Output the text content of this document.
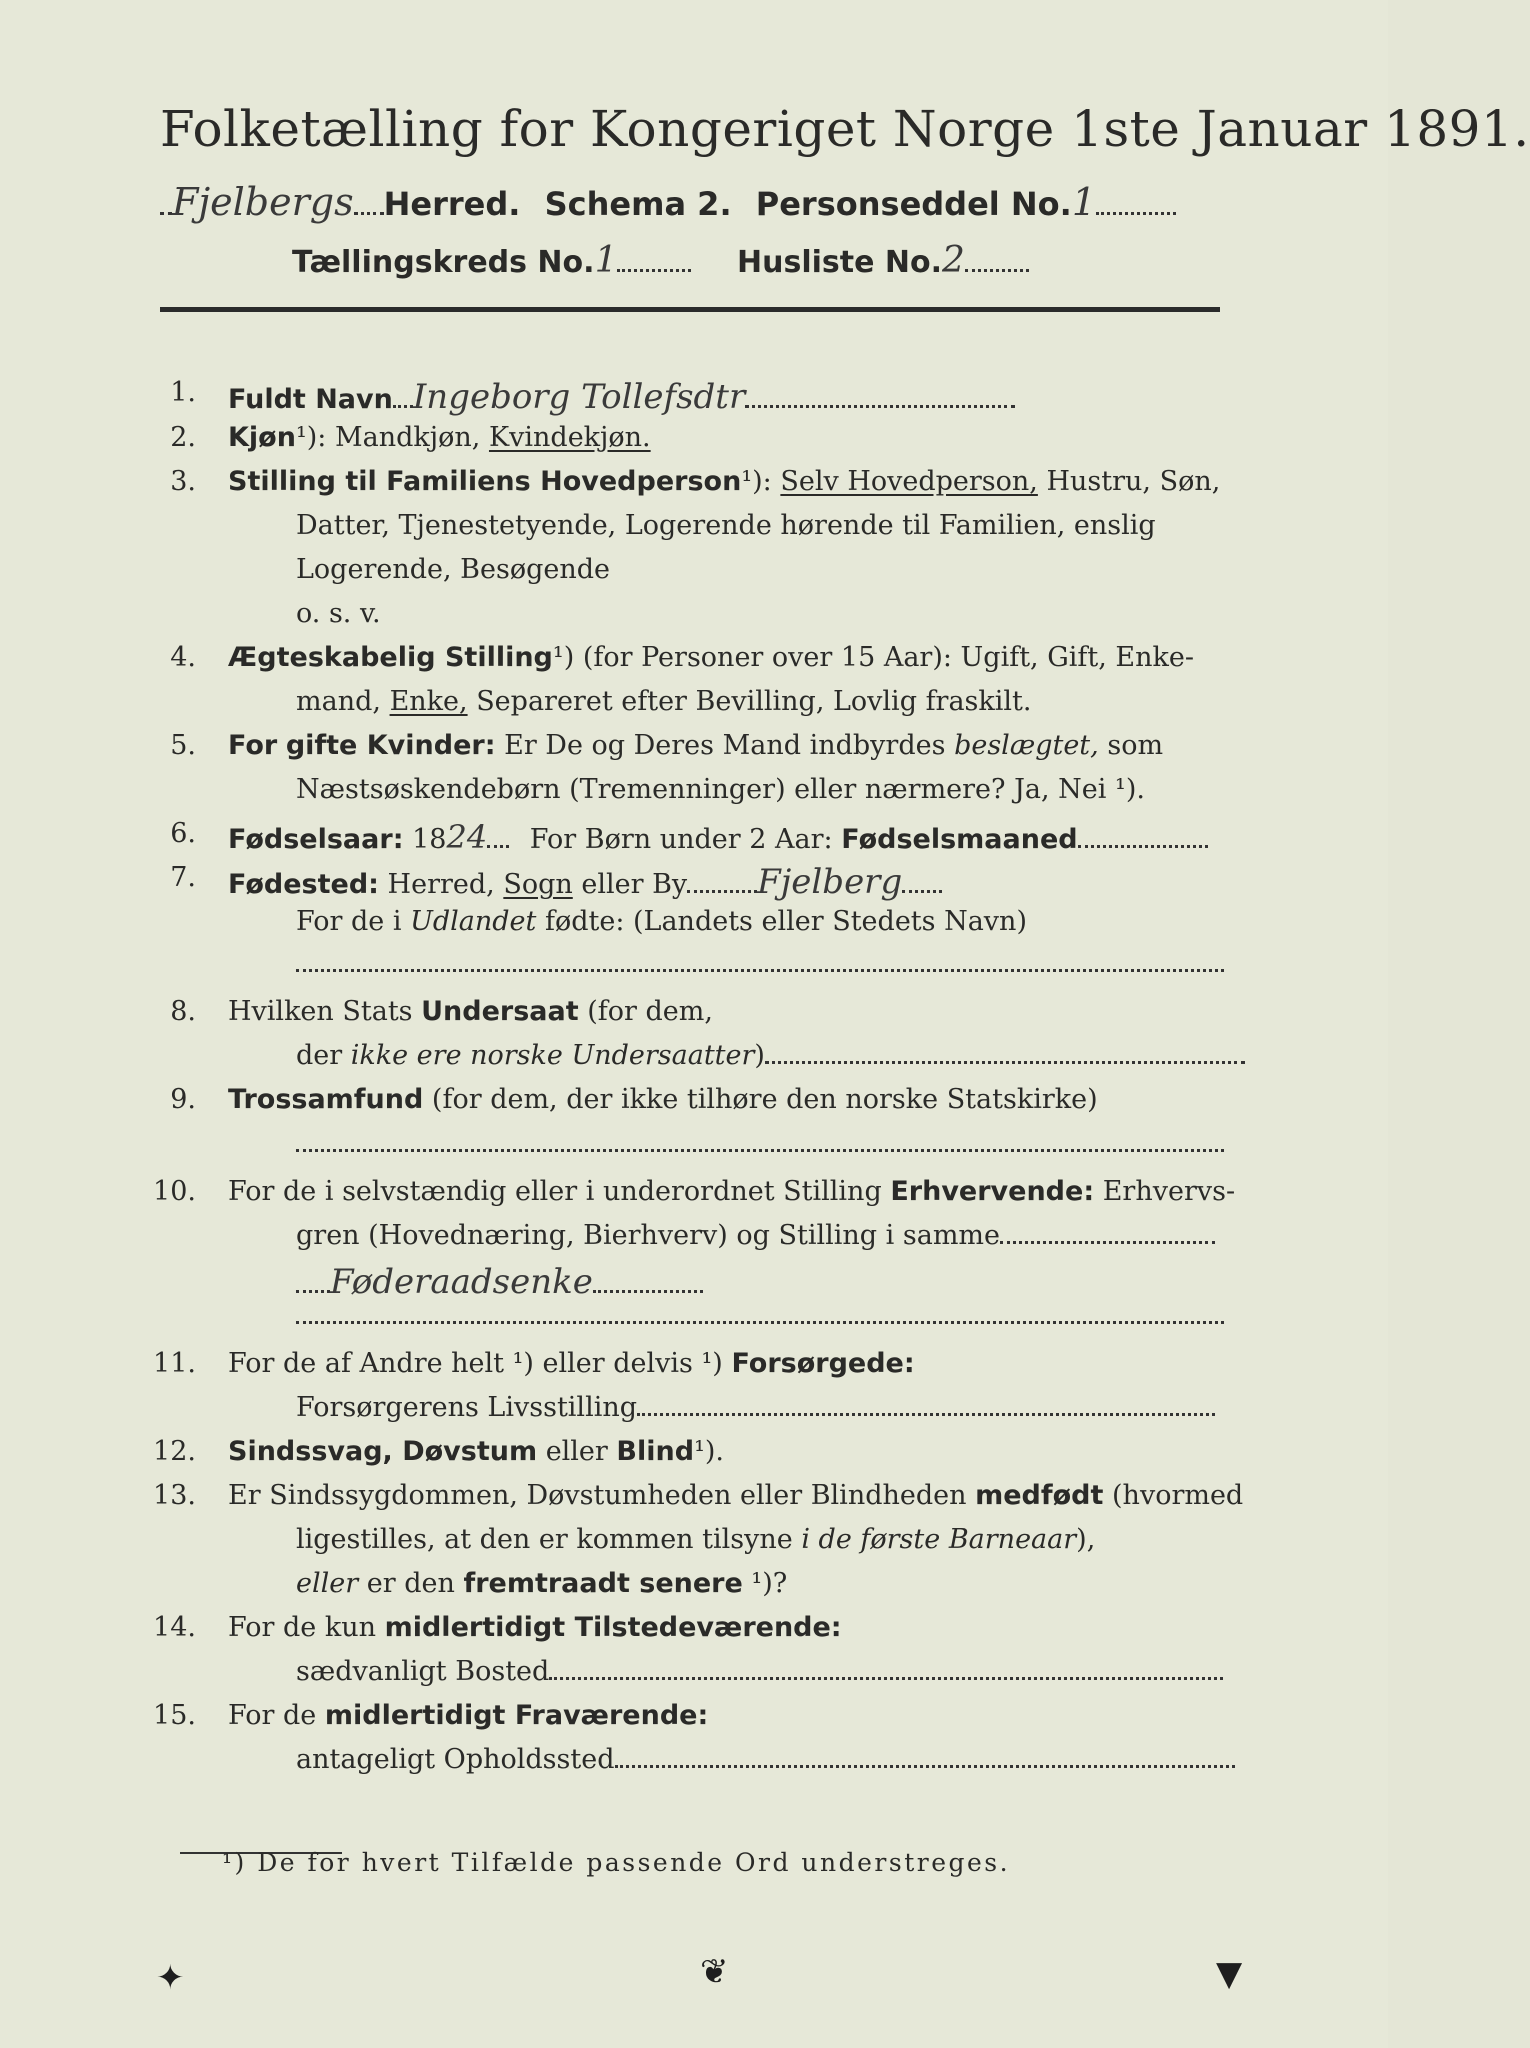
Folketælling for Kongeriget Norge 1ste Januar 1891.
Fjelbergs Herred. Schema 2. Personseddel No.1
Tællingskreds No.1	Husliste No.2
1. Fuldt Navn Ingeborg Tollefsdtr
2. Kjøn¹): Mandkjøn, Kvindekjøn.
3. Stilling til Familiens Hovedperson¹): Selv Hovedperson, Hustru, Søn,
Datter, Tjenestetyende, Logerende hørende til Familien, enslig
Logerende, Besøgende
o. s. v.
4. Ægteskabelig Stilling¹) (for Personer over 15 Aar): Ugift, Gift, Enke-
mand, Enke, Separeret efter Bevilling, Lovlig fraskilt.
5. For gifte Kvinder: Er De og Deres Mand indbyrdes beslægtet, som
Næstsøskendebørn (Tremenninger) eller nærmere? Ja, Nei ¹).
6. Fødselsaar: 1824 For Børn under 2 Aar: Fødselsmaaned
7. Fødested: Herred, Sogn eller By Fjelberg
For de i Udlandet fødte: (Landets eller Stedets Navn)
8. Hvilken Stats Undersaat (for dem,
der ikke ere norske Undersaatter)
9. Trossamfund (for dem, der ikke tilhøre den norske Statskirke)
10. For de i selvstændig eller i underordnet Stilling Erhvervende: Erhvervs-
gren (Hovednæring, Bierhverv) og Stilling i samme
Føderaadsenke
11. For de af Andre helt ¹) eller delvis ¹) Forsørgede:
Forsørgerens Livsstilling
12. Sindssvag, Døvstum eller Blind¹).
13. Er Sindssygdommen, Døvstumheden eller Blindheden medfødt (hvormed
ligestilles, at den er kommen tilsyne i de første Barneaar),
eller er den fremtraadt senere ¹)?
14. For de kun midlertidigt Tilstedeværende:
sædvanligt Bosted
15. For de midlertidigt Fraværende:
antageligt Opholdssted
¹) De for hvert Tilfælde passende Ord understreges.
✦	❦	▼
